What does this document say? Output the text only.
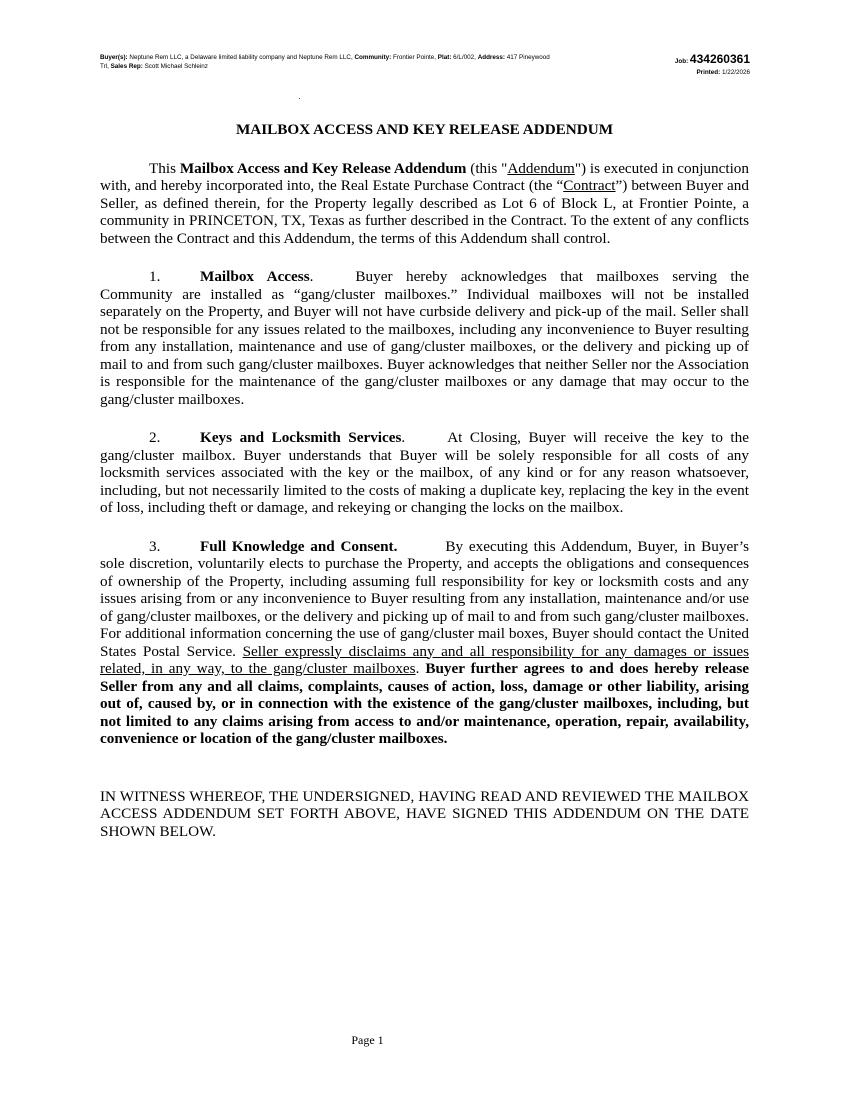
Buyer(s): Neptune Rem LLC, a Delaware limited liability company and Neptune Rem LLC, Community: Frontier Pointe, Plat: 6/L/002, Address: 417 Pineywood
Trl, Sales Rep: Scott Michael Schleinz
Job: 434260361
Printed: 1/22/2026
MAILBOX ACCESS AND KEY RELEASE ADDENDUM

This Mailbox Access and Key Release Addendum (this "Addendum") is executed in conjunction with, and hereby incorporated into, the Real Estate Purchase Contract (the “Contract”) between Buyer and Seller, as defined therein, for the Property legally described as Lot 6 of Block L, at Frontier Pointe, a community in PRINCETON, TX, Texas as further described in the Contract. To the extent of any conflicts between the Contract and this Addendum, the terms of this Addendum shall control.

1.	Mailbox Access.	Buyer hereby acknowledges that mailboxes serving the Community are installed as “gang/cluster mailboxes.” Individual mailboxes will not be installed separately on the Property, and Buyer will not have curbside delivery and pick-up of the mail. Seller shall not be responsible for any issues related to the mailboxes, including any inconvenience to Buyer resulting from any installation, maintenance and use of gang/cluster mailboxes, or the delivery and picking up of mail to and from such gang/cluster mailboxes. Buyer acknowledges that neither Seller nor the Association is responsible for the maintenance of the gang/cluster mailboxes or any damage that may occur to the gang/cluster mailboxes.

2.	Keys and Locksmith Services.	At Closing, Buyer will receive the key to the gang/cluster mailbox. Buyer understands that Buyer will be solely responsible for all costs of any locksmith services associated with the key or the mailbox, of any kind or for any reason whatsoever, including, but not necessarily limited to the costs of making a duplicate key, replacing the key in the event of loss, including theft or damage, and rekeying or changing the locks on the mailbox.

3.	Full Knowledge and Consent.	By executing this Addendum, Buyer, in Buyer’s sole discretion, voluntarily elects to purchase the Property, and accepts the obligations and consequences of ownership of the Property, including assuming full responsibility for key or locksmith costs and any issues arising from or any inconvenience to Buyer resulting from any installation, maintenance and/or use of gang/cluster mailboxes, or the delivery and picking up of mail to and from such gang/cluster mailboxes. For additional information concerning the use of gang/cluster mail boxes, Buyer should contact the United States Postal Service. Seller expressly disclaims any and all responsibility for any damages or issues related, in any way, to the gang/cluster mailboxes. Buyer further agrees to and does hereby release Seller from any and all claims, complaints, causes of action, loss, damage or other liability, arising out of, caused by, or in connection with the existence of the gang/cluster mailboxes, including, but not limited to any claims arising from access to and/or maintenance, operation, repair, availability, convenience or location of the gang/cluster mailboxes.

IN WITNESS WHEREOF, THE UNDERSIGNED, HAVING READ AND REVIEWED THE MAILBOX ACCESS ADDENDUM SET FORTH ABOVE, HAVE SIGNED THIS ADDENDUM ON THE DATE SHOWN BELOW.

Page 1
